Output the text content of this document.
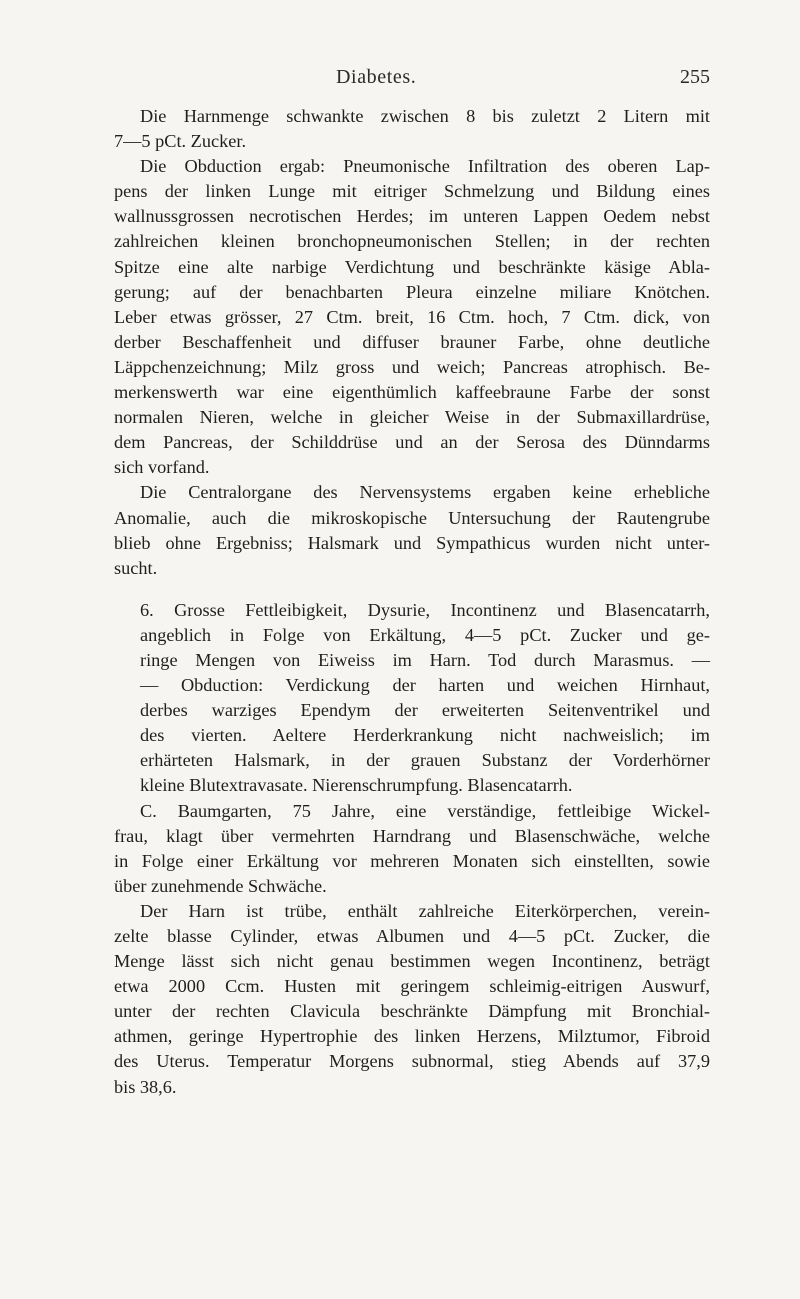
Diabetes.	255
Die Harnmenge schwankte zwischen 8 bis zuletzt 2 Litern mit
7—5 pCt. Zucker.
Die Obduction ergab: Pneumonische Infiltration des oberen Lap-
pens der linken Lunge mit eitriger Schmelzung und Bildung eines
wallnussgrossen necrotischen Herdes; im unteren Lappen Oedem nebst
zahlreichen kleinen bronchopneumonischen Stellen; in der rechten
Spitze eine alte narbige Verdichtung und beschränkte käsige Abla-
gerung; auf der benachbarten Pleura einzelne miliare Knötchen.
Leber etwas grösser, 27 Ctm. breit, 16 Ctm. hoch, 7 Ctm. dick, von
derber Beschaffenheit und diffuser brauner Farbe, ohne deutliche
Läppchenzeichnung; Milz gross und weich; Pancreas atrophisch. Be-
merkenswerth war eine eigenthümlich kaffeebraune Farbe der sonst
normalen Nieren, welche in gleicher Weise in der Submaxillardrüse,
dem Pancreas, der Schilddrüse und an der Serosa des Dünndarms
sich vorfand.
Die Centralorgane des Nervensystems ergaben keine erhebliche
Anomalie, auch die mikroskopische Untersuchung der Rautengrube
blieb ohne Ergebniss; Halsmark und Sympathicus wurden nicht unter-
sucht.
6. Grosse Fettleibigkeit, Dysurie, Incontinenz und Blasencatarrh,
angeblich in Folge von Erkältung, 4—5 pCt. Zucker und ge-
ringe Mengen von Eiweiss im Harn. Tod durch Marasmus. —
— Obduction: Verdickung der harten und weichen Hirnhaut,
derbes warziges Ependym der erweiterten Seitenventrikel und
des vierten. Aeltere Herderkrankung nicht nachweislich; im
erhärteten Halsmark, in der grauen Substanz der Vorderhörner
kleine Blutextravasate. Nierenschrumpfung. Blasencatarrh.
C. Baumgarten, 75 Jahre, eine verständige, fettleibige Wickel-
frau, klagt über vermehrten Harndrang und Blasenschwäche, welche
in Folge einer Erkältung vor mehreren Monaten sich einstellten, sowie
über zunehmende Schwäche.
Der Harn ist trübe, enthält zahlreiche Eiterkörperchen, verein-
zelte blasse Cylinder, etwas Albumen und 4—5 pCt. Zucker, die
Menge lässt sich nicht genau bestimmen wegen Incontinenz, beträgt
etwa 2000 Ccm. Husten mit geringem schleimig-eitrigen Auswurf,
unter der rechten Clavicula beschränkte Dämpfung mit Bronchial-
athmen, geringe Hypertrophie des linken Herzens, Milztumor, Fibroid
des Uterus. Temperatur Morgens subnormal, stieg Abends auf 37,9
bis 38,6.
